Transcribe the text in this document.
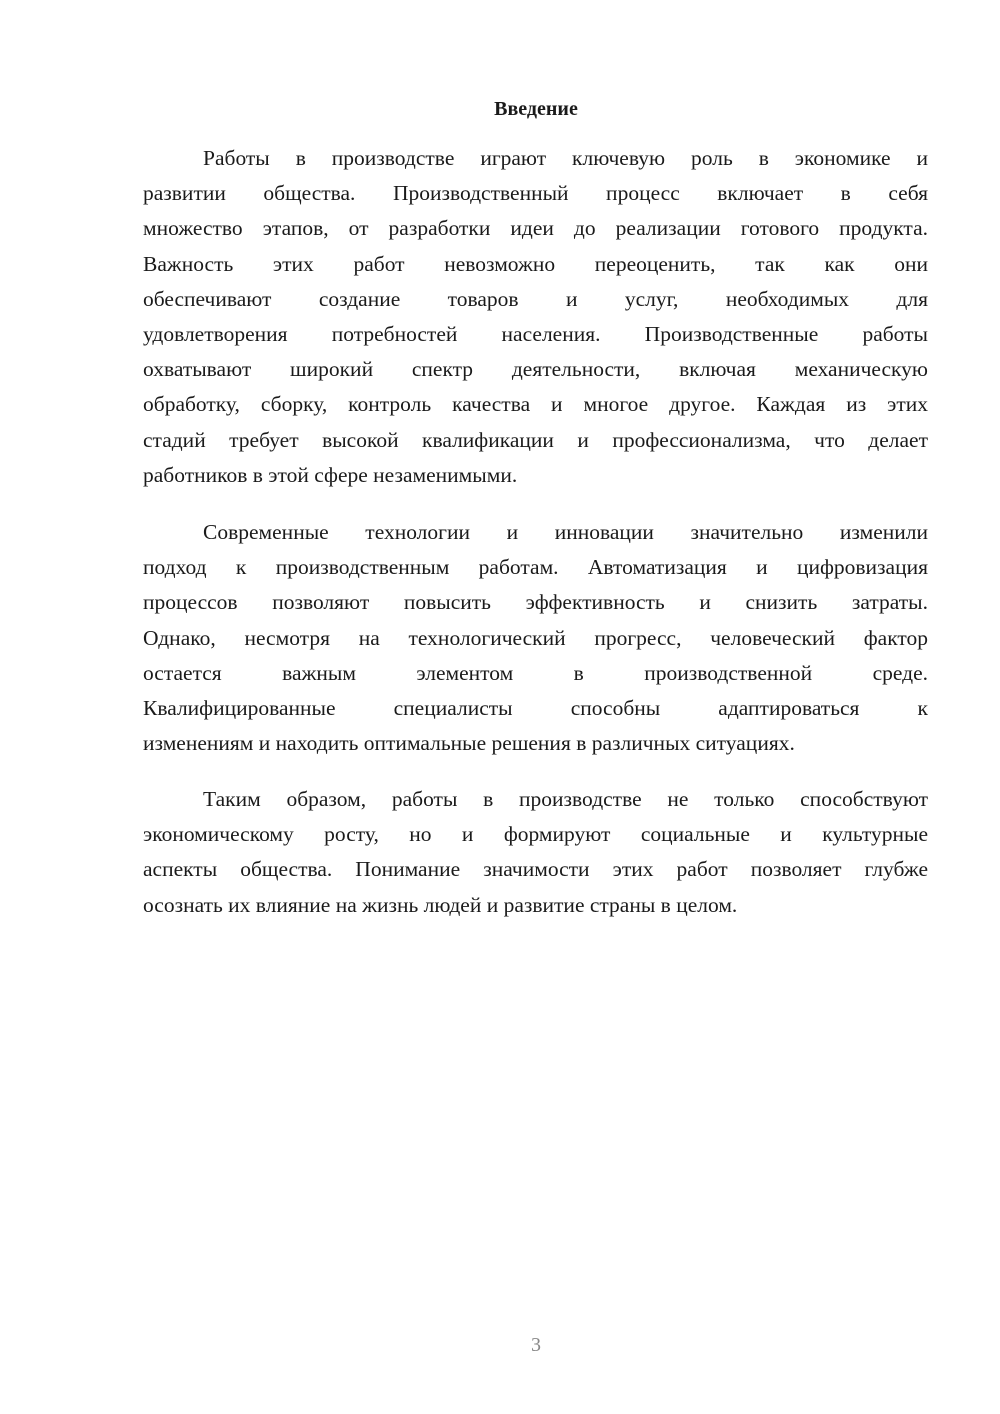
Введение
Работы в производстве играют ключевую роль в экономике и
развитии общества. Производственный процесс включает в себя
множество этапов, от разработки идеи до реализации готового продукта.
Важность этих работ невозможно переоценить, так как они
обеспечивают создание товаров и услуг, необходимых для
удовлетворения потребностей населения. Производственные работы
охватывают широкий спектр деятельности, включая механическую
обработку, сборку, контроль качества и многое другое. Каждая из этих
стадий требует высокой квалификации и профессионализма, что делает
работников в этой сфере незаменимыми.
Современные технологии и инновации значительно изменили
подход к производственным работам. Автоматизация и цифровизация
процессов позволяют повысить эффективность и снизить затраты.
Однако, несмотря на технологический прогресс, человеческий фактор
остается важным элементом в производственной среде.
Квалифицированные специалисты способны адаптироваться к
изменениям и находить оптимальные решения в различных ситуациях.
Таким образом, работы в производстве не только способствуют
экономическому росту, но и формируют социальные и культурные
аспекты общества. Понимание значимости этих работ позволяет глубже
осознать их влияние на жизнь людей и развитие страны в целом.
3
